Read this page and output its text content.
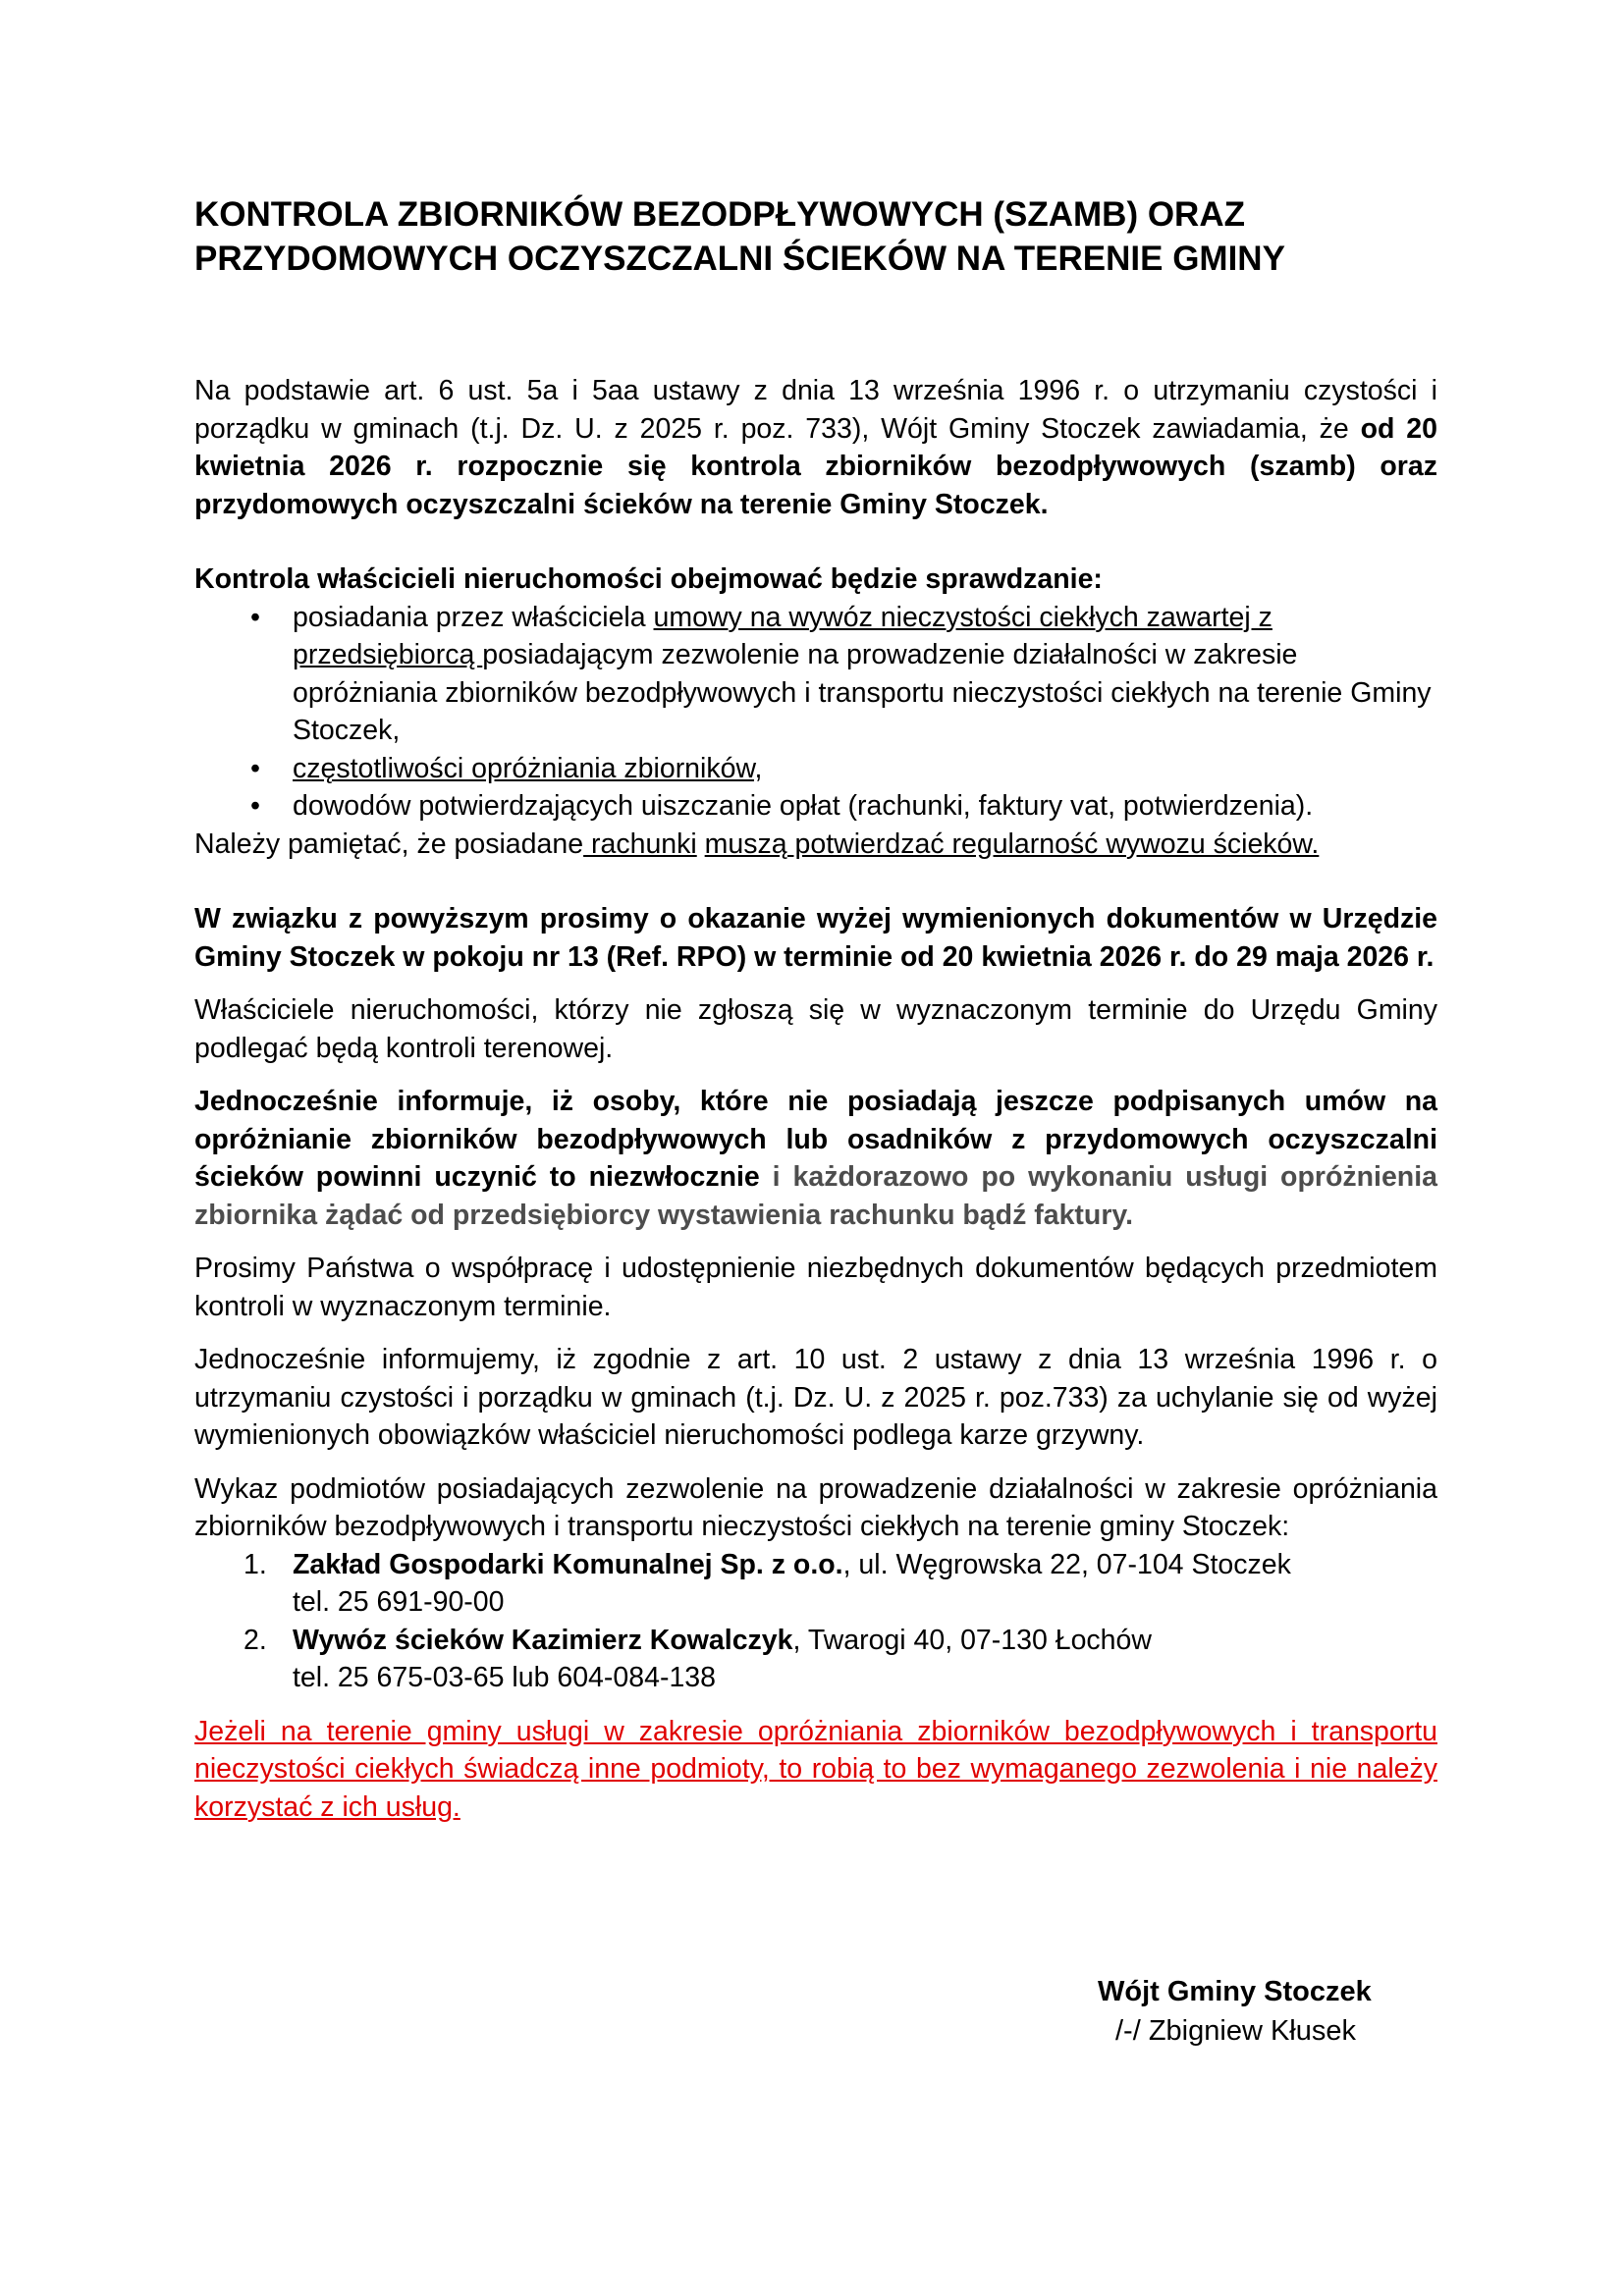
KONTROLA ZBIORNIKÓW BEZODPŁYWOWYCH (SZAMB) ORAZ
PRZYDOMOWYCH OCZYSZCZALNI ŚCIEKÓW NA TERENIE GMINY

Na podstawie art. 6 ust. 5a i 5aa ustawy z dnia 13 września 1996 r. o utrzymaniu czystości i porządku w gminach (t.j. Dz. U. z 2025 r. poz. 733), Wójt Gminy Stoczek zawiadamia, że od 20 kwietnia 2026 r. rozpocznie się kontrola zbiorników bezodpływowych (szamb) oraz przydomowych oczyszczalni ścieków na terenie Gminy Stoczek.

Kontrola właścicieli nieruchomości obejmować będzie sprawdzanie:

• posiadania przez właściciela umowy na wywóz nieczystości ciekłych zawartej z przedsiębiorcą posiadającym zezwolenie na prowadzenie działalności w zakresie opróżniania zbiorników bezodpływowych i transportu nieczystości ciekłych na terenie Gminy Stoczek,
• częstotliwości opróżniania zbiorników,
• dowodów potwierdzających uiszczanie opłat (rachunki, faktury vat, potwierdzenia).

Należy pamiętać, że posiadane rachunki muszą potwierdzać regularność wywozu ścieków.

W związku z powyższym prosimy o okazanie wyżej wymienionych dokumentów w Urzędzie Gminy Stoczek w pokoju nr 13 (Ref. RPO) w terminie od 20 kwietnia 2026 r. do 29 maja 2026 r.

Właściciele nieruchomości, którzy nie zgłoszą się w wyznaczonym terminie do Urzędu Gminy podlegać będą kontroli terenowej.

Jednocześnie informuje, iż osoby, które nie posiadają jeszcze podpisanych umów na opróżnianie zbiorników bezodpływowych lub osadników z przydomowych oczyszczalni ścieków powinni uczynić to niezwłocznie i każdorazowo po wykonaniu usługi opróżnienia zbiornika żądać od przedsiębiorcy wystawienia rachunku bądź faktury.

Prosimy Państwa o współpracę i udostępnienie niezbędnych dokumentów będących przedmiotem kontroli w wyznaczonym terminie.

Jednocześnie informujemy, iż zgodnie z art. 10 ust. 2 ustawy z dnia 13 września 1996 r. o utrzymaniu czystości i porządku w gminach (t.j. Dz. U. z 2025 r. poz.733) za uchylanie się od wyżej wymienionych obowiązków właściciel nieruchomości podlega karze grzywny.

Wykaz podmiotów posiadających zezwolenie na prowadzenie działalności w zakresie opróżniania zbiorników bezodpływowych i transportu nieczystości ciekłych na terenie gminy Stoczek:

1. Zakład Gospodarki Komunalnej Sp. z o.o., ul. Węgrowska 22, 07-104 Stoczek
tel. 25 691-90-00
2. Wywóz ścieków Kazimierz Kowalczyk, Twarogi 40, 07-130 Łochów
tel. 25 675-03-65 lub 604-084-138

Jeżeli na terenie gminy usługi w zakresie opróżniania zbiorników bezodpływowych i transportu nieczystości ciekłych świadczą inne podmioty, to robią to bez wymaganego zezwolenia i nie należy korzystać z ich usług.

Wójt Gminy Stoczek
/-/ Zbigniew Kłusek
